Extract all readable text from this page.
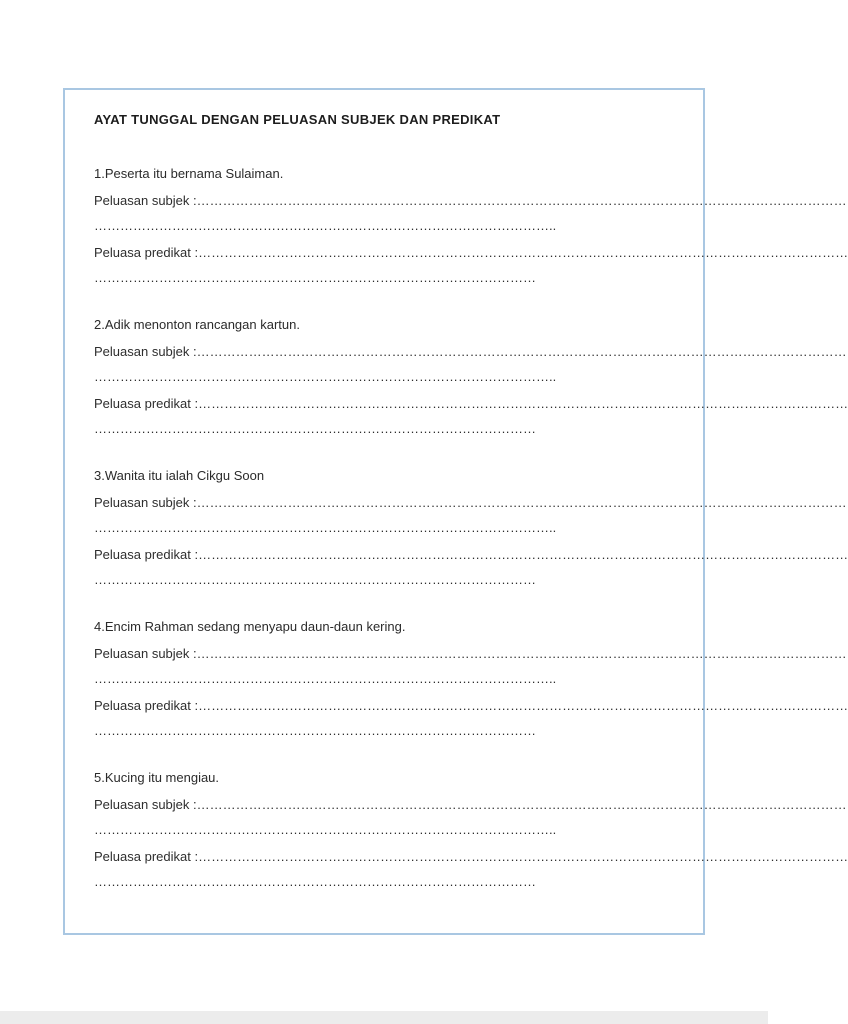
AYAT TUNGGAL DENGAN PELUASAN SUBJEK DAN PREDIKAT

1.Peserta itu bernama Sulaiman.

Peluasan subjek :……………………………………………………………………………………………………………………………………

……………………………………………………………………………………………..

Peluasa predikat :……………………………………………………………………………………………………………………………………

…………………………………………………………………………………………

2.Adik menonton rancangan kartun.

Peluasan subjek :……………………………………………………………………………………………………………………………………

……………………………………………………………………………………………..

Peluasa predikat :……………………………………………………………………………………………………………………………………

…………………………………………………………………………………………

3.Wanita itu ialah Cikgu Soon

Peluasan subjek :……………………………………………………………………………………………………………………………………

……………………………………………………………………………………………..

Peluasa predikat :……………………………………………………………………………………………………………………………………

…………………………………………………………………………………………

4.Encim Rahman sedang menyapu daun-daun kering.

Peluasan subjek :……………………………………………………………………………………………………………………………………

……………………………………………………………………………………………..

Peluasa predikat :……………………………………………………………………………………………………………………………………

…………………………………………………………………………………………

5.Kucing itu mengiau.

Peluasan subjek :……………………………………………………………………………………………………………………………………

……………………………………………………………………………………………..

Peluasa predikat :……………………………………………………………………………………………………………………………………

…………………………………………………………………………………………
